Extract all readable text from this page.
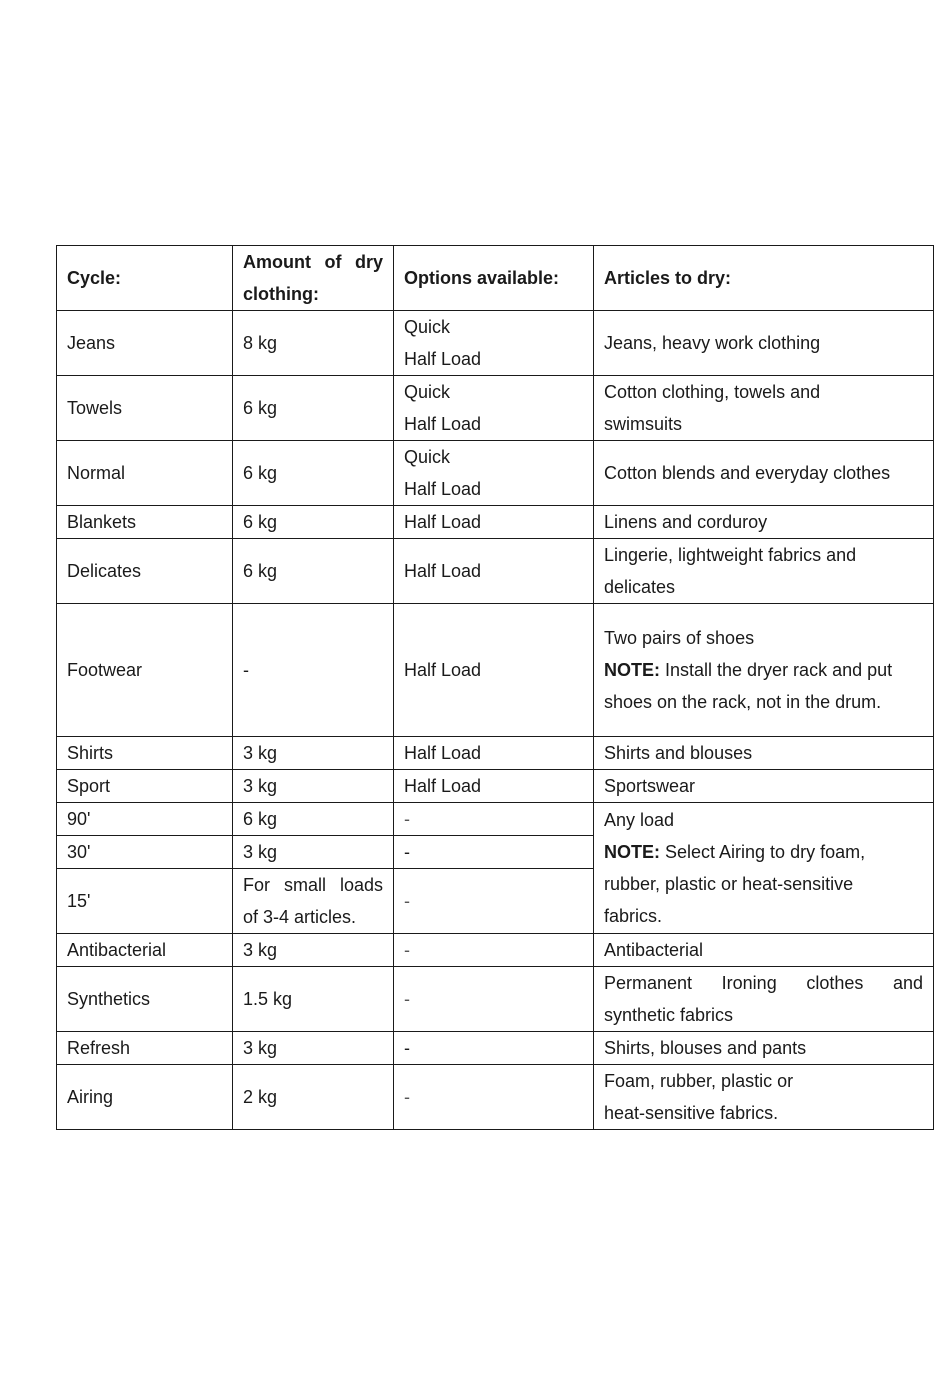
Cycle:	Amount of dry
clothing:	Options available:	Articles to dry:
Jeans	8 kg	Quick
Half Load	Jeans, heavy work clothing
Towels	6 kg	Quick
Half Load	Cotton clothing, towels and
swimsuits

Normal	6 kg	Quick
Half Load	Cotton blends and everyday clothes
Blankets	6 kg	Half Load	Linens and corduroy
Delicates	6 kg	Half Load	Lingerie, lightweight fabrics and
delicates

Footwear	-	Half Load	Two pairs of shoes
NOTE: Install the dryer rack and put
shoes on the rack, not in the drum.

Shirts	3 kg	Half Load	Shirts and blouses
Sport	3 kg	Half Load	Sportswear
90'	6 kg	-	Any load
NOTE: Select Airing to dry foam,
rubber, plastic or heat-sensitive
fabrics.

30'	3 kg	-	
15'	For small loads
of 3-4 articles.	-	
Antibacterial	3 kg	-	Antibacterial
Synthetics	1.5 kg	-	Permanent Ironing clothes and
synthetic fabrics

Refresh	3 kg	-	Shirts, blouses and pants
Airing	2 kg	-	Foam, rubber, plastic or
heat-sensitive fabrics.
